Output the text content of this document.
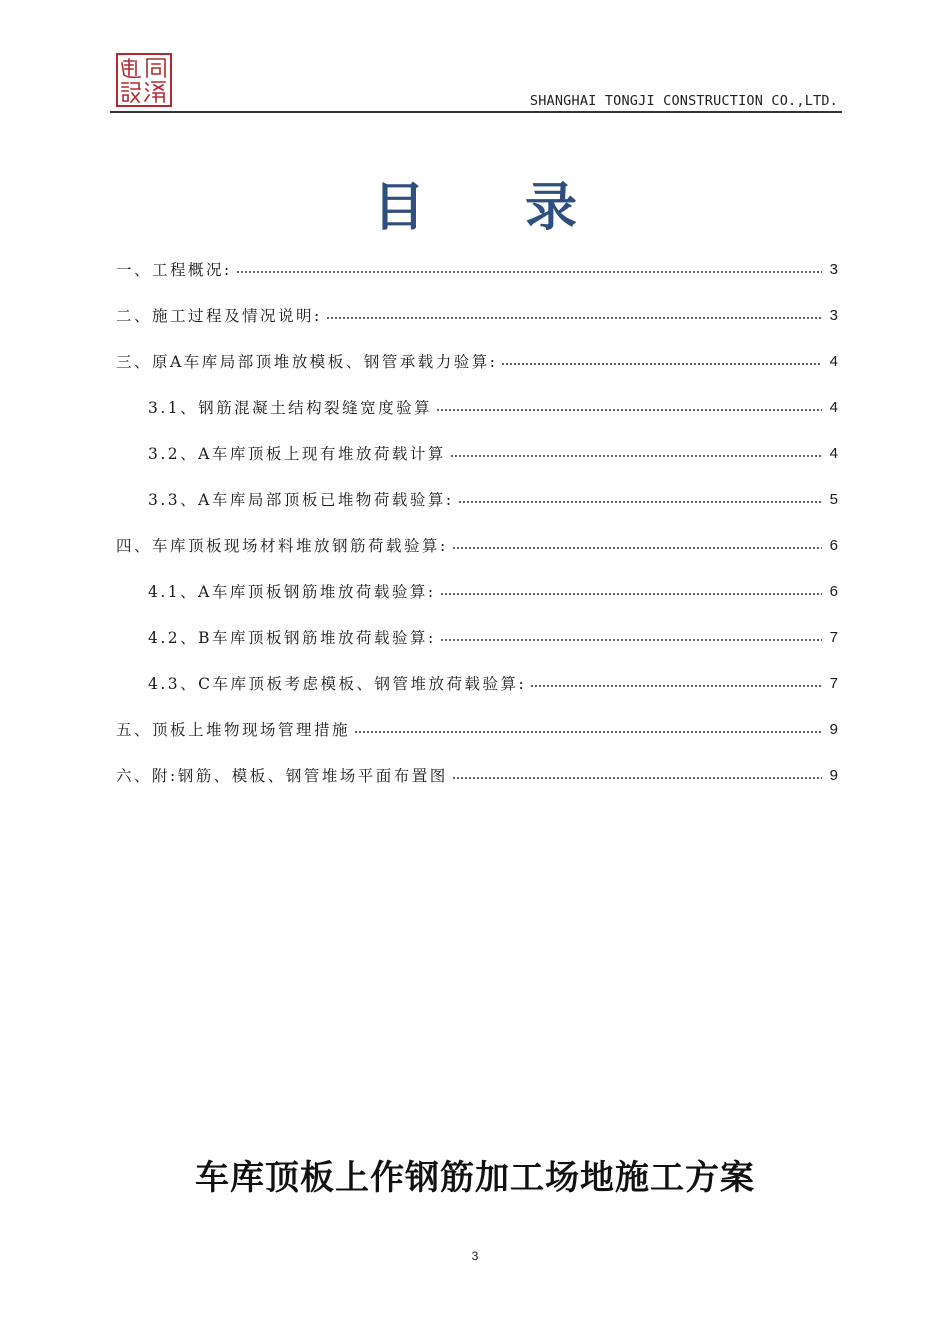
SHANGHAI TONGJI CONSTRUCTION CO.,LTD.
目录
一、工程概况:	3
二、施工过程及情况说明:	3
三、原A车库局部顶堆放模板、钢管承载力验算:	4
3.1、钢筋混凝土结构裂缝宽度验算	4
3.2、A车库顶板上现有堆放荷载计算	4
3.3、A车库局部顶板已堆物荷载验算:	5
四、车库顶板现场材料堆放钢筋荷载验算:	6
4.1、A车库顶板钢筋堆放荷载验算:	6
4.2、B车库顶板钢筋堆放荷载验算:	7
4.3、C车库顶板考虑模板、钢管堆放荷载验算:	7
五、顶板上堆物现场管理措施	9
六、附:钢筋、模板、钢管堆场平面布置图	9
车库顶板上作钢筋加工场地施工方案
3
